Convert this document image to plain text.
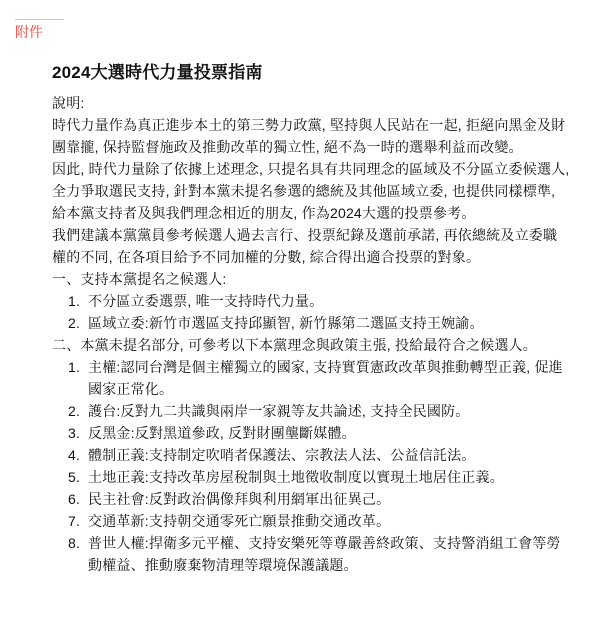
附件
2024大選時代力量投票指南

說明:

時代力量作為真正進步本土的第三勢力政黨, 堅持與人民站在一起, 拒絕向黑金及財團靠攏, 保持監督施政及推動改革的獨立性, 絕不為一時的選舉利益而改變。

因此, 時代力量除了依據上述理念, 只提名具有共同理念的區域及不分區立委候選人, 全力爭取選民支持, 針對本黨未提名參選的總統及其他區域立委, 也提供同樣標準, 給本黨支持者及與我們理念相近的朋友, 作為2024大選的投票參考。

我們建議本黨黨員參考候選人過去言行、投票紀錄及選前承諾, 再依總統及立委職權的不同, 在各項目給予不同加權的分數, 綜合得出適合投票的對象。

一、支持本黨提名之候選人:

不分區立委選票, 唯一支持時代力量。
區域立委:新竹市選區支持邱顯智, 新竹縣第二選區支持王婉諭。

二、本黨未提名部分, 可參考以下本黨理念與政策主張, 投給最符合之候選人。

主權:認同台灣是個主權獨立的國家, 支持實質憲政改革與推動轉型正義, 促進國家正常化。
護台:反對九二共識與兩岸一家親等友共論述, 支持全民國防。
反黑金:反對黑道參政, 反對財團壟斷媒體。
體制正義:支持制定吹哨者保護法、宗教法人法、公益信託法。
土地正義:支持改革房屋稅制與土地徵收制度以實現土地居住正義。
民主社會:反對政治偶像拜與利用網軍出征異己。
交通革新:支持朝交通零死亡願景推動交通改革。
普世人權:捍衛多元平權、支持安樂死等尊嚴善終政策、支持警消組工會等勞動權益、推動廢棄物清理等環境保護議題。
